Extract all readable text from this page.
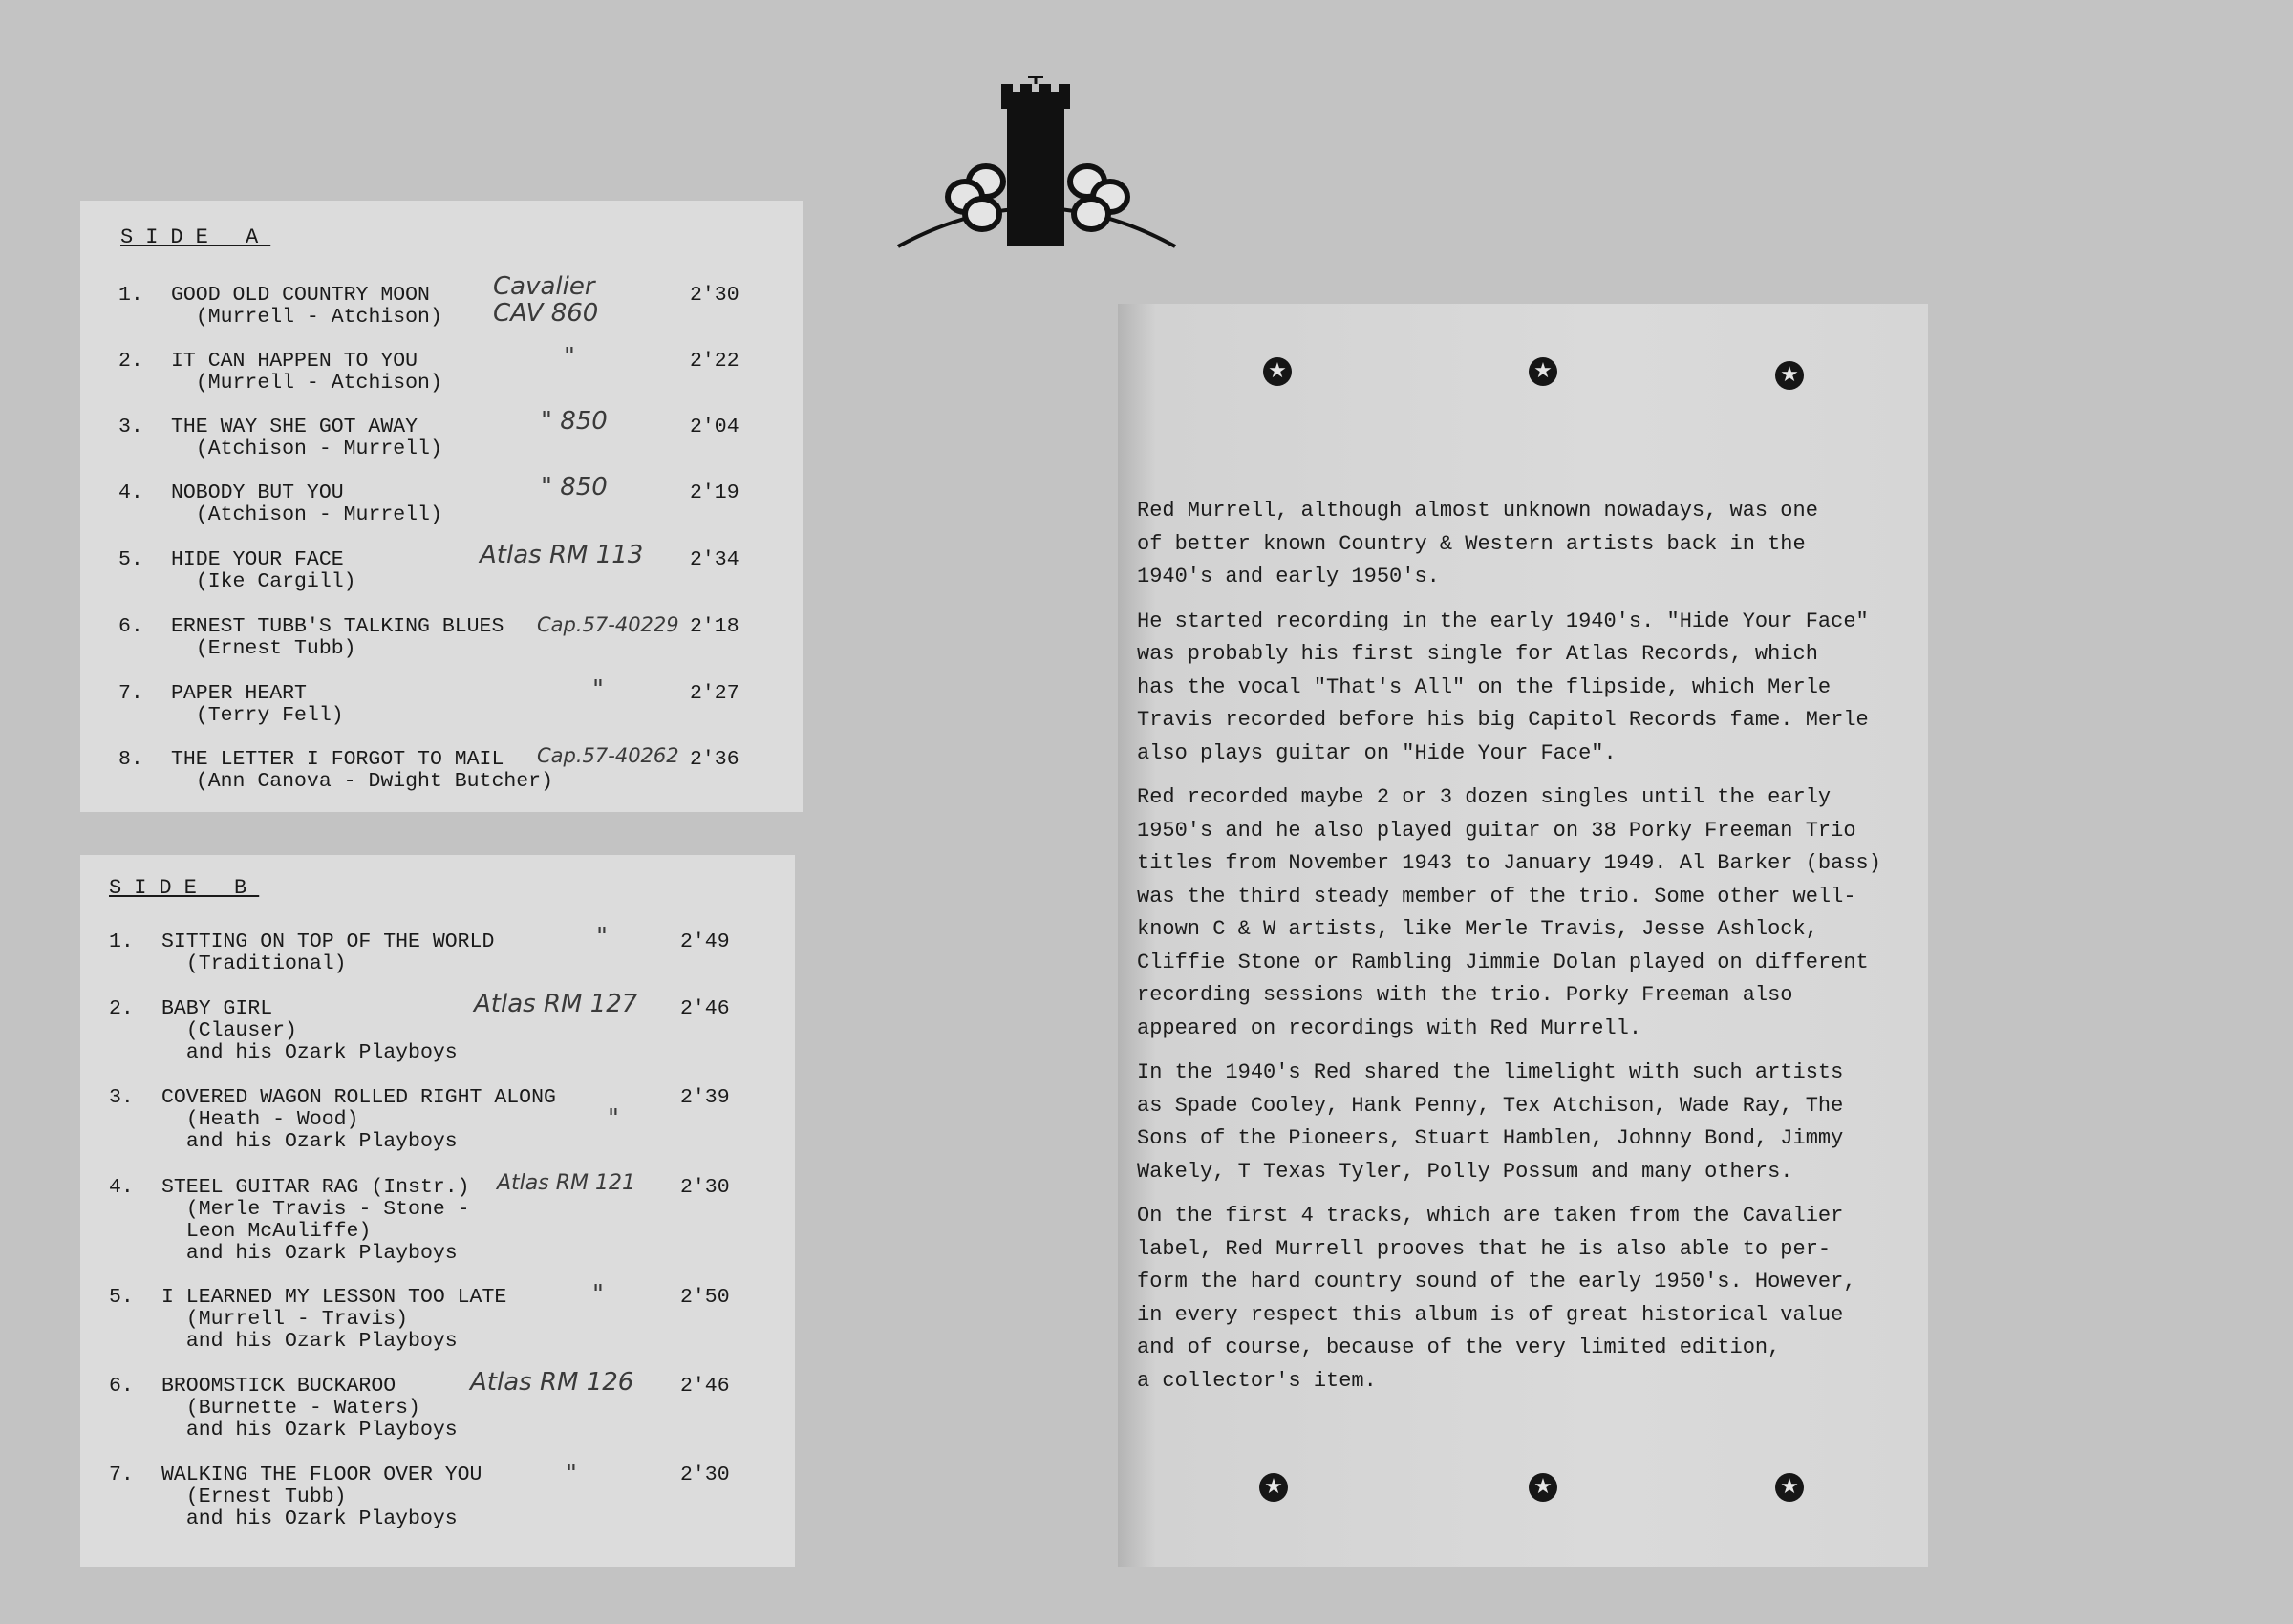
SIDE A
1. GOOD OLD COUNTRY MOON
(Murrell - Atchison)
2'30
Cavalier
CAV 860
2. IT CAN HAPPEN TO YOU
(Murrell - Atchison)
2'22
"
3. THE WAY SHE GOT AWAY
(Atchison - Murrell)
2'04
" 850
4. NOBODY BUT YOU
(Atchison - Murrell)
2'19
" 850
5. HIDE YOUR FACE
(Ike Cargill)
2'34
Atlas RM 113
6. ERNEST TUBB'S TALKING BLUES
(Ernest Tubb)
2'18
Cap.57-40229
7. PAPER HEART
(Terry Fell)
2'27
"
8. THE LETTER I FORGOT TO MAIL
(Ann Canova - Dwight Butcher)
2'36
Cap.57-40262
SIDE B
1. SITTING ON TOP OF THE WORLD
(Traditional)
2'49
"
2. BABY GIRL
(Clauser)
and his Ozark Playboys
2'46
Atlas RM 127
3. COVERED WAGON ROLLED RIGHT ALONG
(Heath - Wood)
and his Ozark Playboys
2'39
"
4. STEEL GUITAR RAG (Instr.)
(Merle Travis - Stone -
Leon McAuliffe)
and his Ozark Playboys
2'30
Atlas RM 121
5. I LEARNED MY LESSON TOO LATE
(Murrell - Travis)
and his Ozark Playboys
2'50
"
6. BROOMSTICK BUCKAROO
(Burnette - Waters)
and his Ozark Playboys
2'46
Atlas RM 126
7. WALKING THE FLOOR OVER YOU
(Ernest Tubb)
and his Ozark Playboys
2'30
"
★	★	★

Red Murrell, although almost unknown nowadays, was one
of better known Country & Western artists back in the
1940's and early 1950's.

He started recording in the early 1940's. "Hide Your Face"
was probably his first single for Atlas Records, which
has the vocal "That's All" on the flipside, which Merle
Travis recorded before his big Capitol Records fame. Merle
also plays guitar on "Hide Your Face".

Red recorded maybe 2 or 3 dozen singles until the early
1950's and he also played guitar on 38 Porky Freeman Trio
titles from November 1943 to January 1949. Al Barker (bass)
was the third steady member of the trio. Some other well-
known C & W artists, like Merle Travis, Jesse Ashlock,
Cliffie Stone or Rambling Jimmie Dolan played on different
recording sessions with the trio. Porky Freeman also
appeared on recordings with Red Murrell.

In the 1940's Red shared the limelight with such artists
as Spade Cooley, Hank Penny, Tex Atchison, Wade Ray, The
Sons of the Pioneers, Stuart Hamblen, Johnny Bond, Jimmy
Wakely, T Texas Tyler, Polly Possum and many others.

On the first 4 tracks, which are taken from the Cavalier
label, Red Murrell prooves that he is also able to per-
form the hard country sound of the early 1950's. However,
in every respect this album is of great historical value
and of course, because of the very limited edition,
a collector's item.

★	★	★
